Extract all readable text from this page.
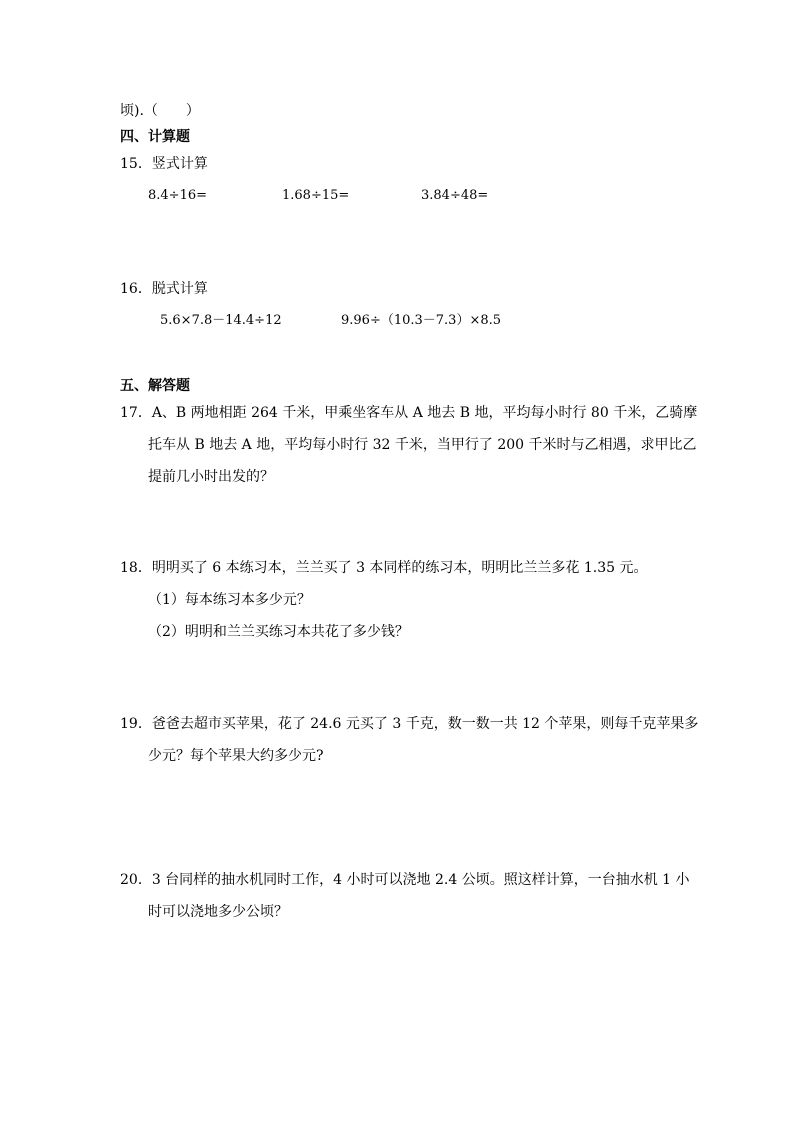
顷).（　　）
四、计算题
15．竖式计算
8.4÷16=	1.68÷15=	3.84÷48=
16．脱式计算
5.6×7.8－14.4÷12	9.96÷（10.3－7.3）×8.5
五、解答题
17．A、B 两地相距 264 千米，甲乘坐客车从 A 地去 B 地，平均每小时行 80 千米，乙骑摩
托车从 B 地去 A 地，平均每小时行 32 千米，当甲行了 200 千米时与乙相遇，求甲比乙
提前几小时出发的？
18．明明买了 6 本练习本，兰兰买了 3 本同样的练习本，明明比兰兰多花 1.35 元。
（1）每本练习本多少元？
（2）明明和兰兰买练习本共花了多少钱？
19．爸爸去超市买苹果，花了 24.6 元买了 3 千克，数一数一共 12 个苹果，则每千克苹果多
少元？每个苹果大约多少元?
20．3 台同样的抽水机同时工作，4 小时可以浇地 2.4 公顷。照这样计算，一台抽水机 1 小
时可以浇地多少公顷？
